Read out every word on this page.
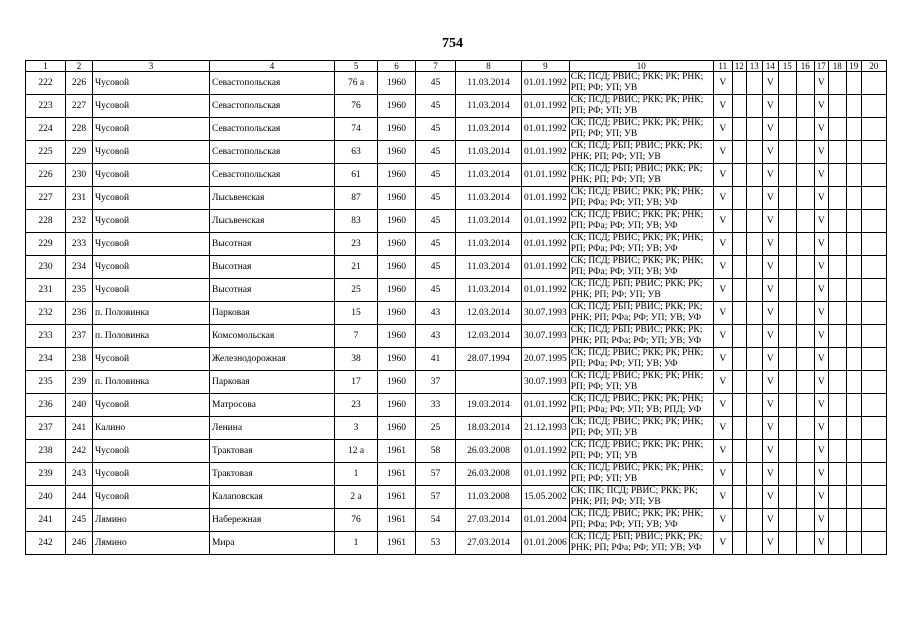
754
1	2	3	4	5	6	7	8	9	10	11	12	13	14	15	16	17	18	19	20
222	226	Чусовой	Севастопольская	76 а	1960	45	11.03.2014	01.01.1992	СК; ПСД; РВИС; РКК; РК; РНК; РП; РФ; УП; УВ	V			V			V			
223	227	Чусовой	Севастопольская	76	1960	45	11.03.2014	01.01.1992	СК; ПСД; РВИС; РКК; РК; РНК; РП; РФ; УП; УВ	V			V			V			
224	228	Чусовой	Севастопольская	74	1960	45	11.03.2014	01.01.1992	СК; ПСД; РВИС; РКК; РК; РНК; РП; РФ; УП; УВ	V			V			V			
225	229	Чусовой	Севастопольская	63	1960	45	11.03.2014	01.01.1992	СК; ПСД; РБП; РВИС; РКК; РК; РНК; РП; РФ; УП; УВ	V			V			V			
226	230	Чусовой	Севастопольская	61	1960	45	11.03.2014	01.01.1992	СК; ПСД; РБП; РВИС; РКК; РК; РНК; РП; РФ; УП; УВ	V			V			V			
227	231	Чусовой	Лысьвенская	87	1960	45	11.03.2014	01.01.1992	СК; ПСД; РВИС; РКК; РК; РНК; РП; РФа; РФ; УП; УВ; УФ	V			V			V			
228	232	Чусовой	Лысьвенская	83	1960	45	11.03.2014	01.01.1992	СК; ПСД; РВИС; РКК; РК; РНК; РП; РФа; РФ; УП; УВ; УФ	V			V			V			
229	233	Чусовой	Высотная	23	1960	45	11.03.2014	01.01.1992	СК; ПСД; РВИС; РКК; РК; РНК; РП; РФа; РФ; УП; УВ; УФ	V			V			V			
230	234	Чусовой	Высотная	21	1960	45	11.03.2014	01.01.1992	СК; ПСД; РВИС; РКК; РК; РНК; РП; РФа; РФ; УП; УВ; УФ	V			V			V			
231	235	Чусовой	Высотная	25	1960	45	11.03.2014	01.01.1992	СК; ПСД; РБП; РВИС; РКК; РК; РНК; РП; РФ; УП; УВ	V			V			V			
232	236	п. Половинка	Парковая	15	1960	43	12.03.2014	30.07.1993	СК; ПСД; РБП; РВИС; РКК; РК; РНК; РП; РФа; РФ; УП; УВ; УФ	V			V			V			
233	237	п. Половинка	Комсомольская	7	1960	43	12.03.2014	30.07.1993	СК; ПСД; РБП; РВИС; РКК; РК; РНК; РП; РФа; РФ; УП; УВ; УФ	V			V			V			
234	238	Чусовой	Железнодорожная	38	1960	41	28.07.1994	20.07.1995	СК; ПСД; РВИС; РКК; РК; РНК; РП; РФа; РФ; УП; УВ; УФ	V			V			V			
235	239	п. Половинка	Парковая	17	1960	37		30.07.1993	СК; ПСД; РВИС; РКК; РК; РНК; РП; РФ; УП; УВ	V			V			V			
236	240	Чусовой	Матросова	23	1960	33	19.03.2014	01.01.1992	СК; ПСД; РВИС; РКК; РК; РНК; РП; РФа; РФ; УП; УВ; РПД; УФ	V			V			V			
237	241	Калино	Ленина	3	1960	25	18.03.2014	21.12.1993	СК; ПСД; РВИС; РКК; РК; РНК; РП; РФ; УП; УВ	V			V			V			
238	242	Чусовой	Трактовая	12 а	1961	58	26.03.2008	01.01.1992	СК; ПСД; РВИС; РКК; РК; РНК; РП; РФ; УП; УВ	V			V			V			
239	243	Чусовой	Трактовая	1	1961	57	26.03.2008	01.01.1992	СК; ПСД; РВИС; РКК; РК; РНК; РП; РФ; УП; УВ	V			V			V			
240	244	Чусовой	Калаповская	2 а	1961	57	11.03.2008	15.05.2002	СК; ПК; ПСД; РВИС; РКК; РК; РНК; РП; РФ; УП; УВ	V			V			V			
241	245	Лямино	Набережная	76	1961	54	27.03.2014	01.01.2004	СК; ПСД; РВИС; РКК; РК; РНК; РП; РФа; РФ; УП; УВ; УФ	V			V			V			
242	246	Лямино	Мира	1	1961	53	27.03.2014	01.01.2006	СК; ПСД; РБП; РВИС; РКК; РК; РНК; РП; РФа; РФ; УП; УВ; УФ	V			V			V			
